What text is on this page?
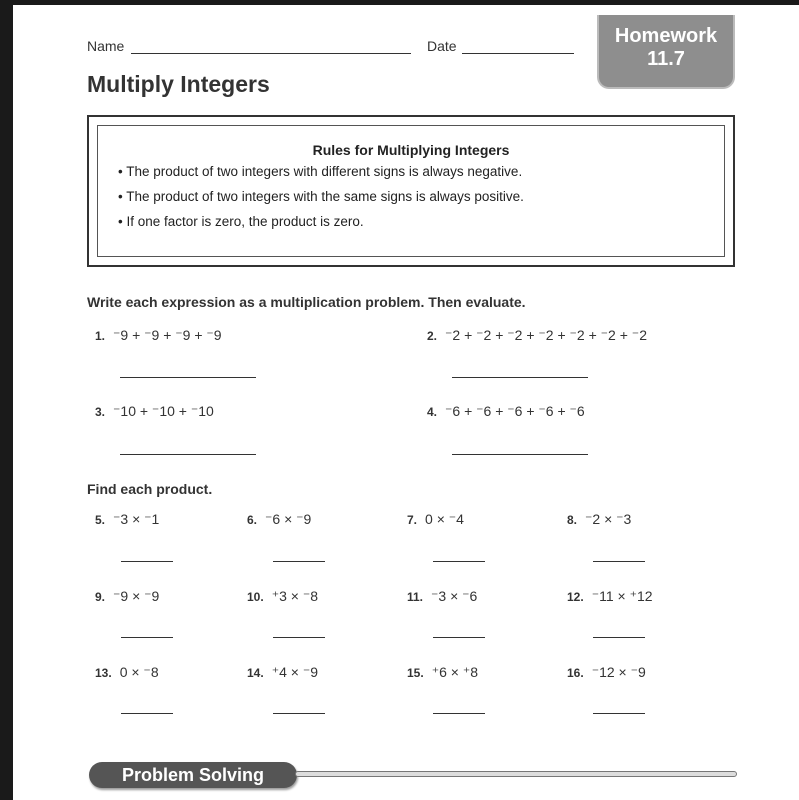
Name	Date	Homework
11.7
Multiply Integers
Rules for Multiplying Integers
• The product of two integers with different signs is always negative.
• The product of two integers with the same signs is always positive.
• If one factor is zero, the product is zero.
Write each expression as a multiplication problem. Then evaluate.
1. ⁻9 + ⁻9 + ⁻9 + ⁻9	2. ⁻2 + ⁻2 + ⁻2 + ⁻2 + ⁻2 + ⁻2 + ⁻2
3. ⁻10 + ⁻10 + ⁻10	4. ⁻6 + ⁻6 + ⁻6 + ⁻6 + ⁻6
Find each product.
5. ⁻3 × ⁻1	6. ⁻6 × ⁻9	7. 0 × ⁻4	8. ⁻2 × ⁻3
9. ⁻9 × ⁻9	10. ⁺3 × ⁻8	11. ⁻3 × ⁻6	12. ⁻11 × ⁺12
13. 0 × ⁻8	14. ⁺4 × ⁻9	15. ⁺6 × ⁺8	16. ⁻12 × ⁻9
Problem Solving
